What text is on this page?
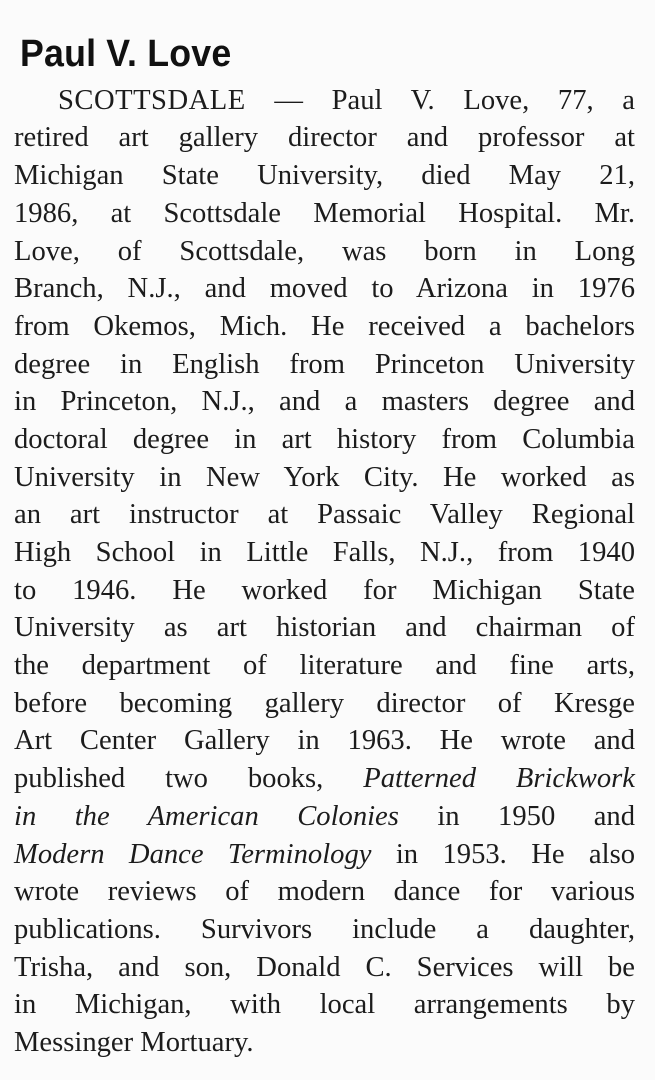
Paul V. Love
SCOTTSDALE — Paul V. Love, 77, a
retired art gallery director and professor at
Michigan State University, died May 21,
1986, at Scottsdale Memorial Hospital. Mr.
Love, of Scottsdale, was born in Long
Branch, N.J., and moved to Arizona in 1976
from Okemos, Mich. He received a bachelors
degree in English from Princeton University
in Princeton, N.J., and a masters degree and
doctoral degree in art history from Columbia
University in New York City. He worked as
an art instructor at Passaic Valley Regional
High School in Little Falls, N.J., from 1940
to 1946. He worked for Michigan State
University as art historian and chairman of
the department of literature and fine arts,
before becoming gallery director of Kresge
Art Center Gallery in 1963. He wrote and
published two books, Patterned Brickwork
in the American Colonies in 1950 and
Modern Dance Terminology in 1953. He also
wrote reviews of modern dance for various
publications. Survivors include a daughter,
Trisha, and son, Donald C. Services will be
in Michigan, with local arrangements by
Messinger Mortuary.
